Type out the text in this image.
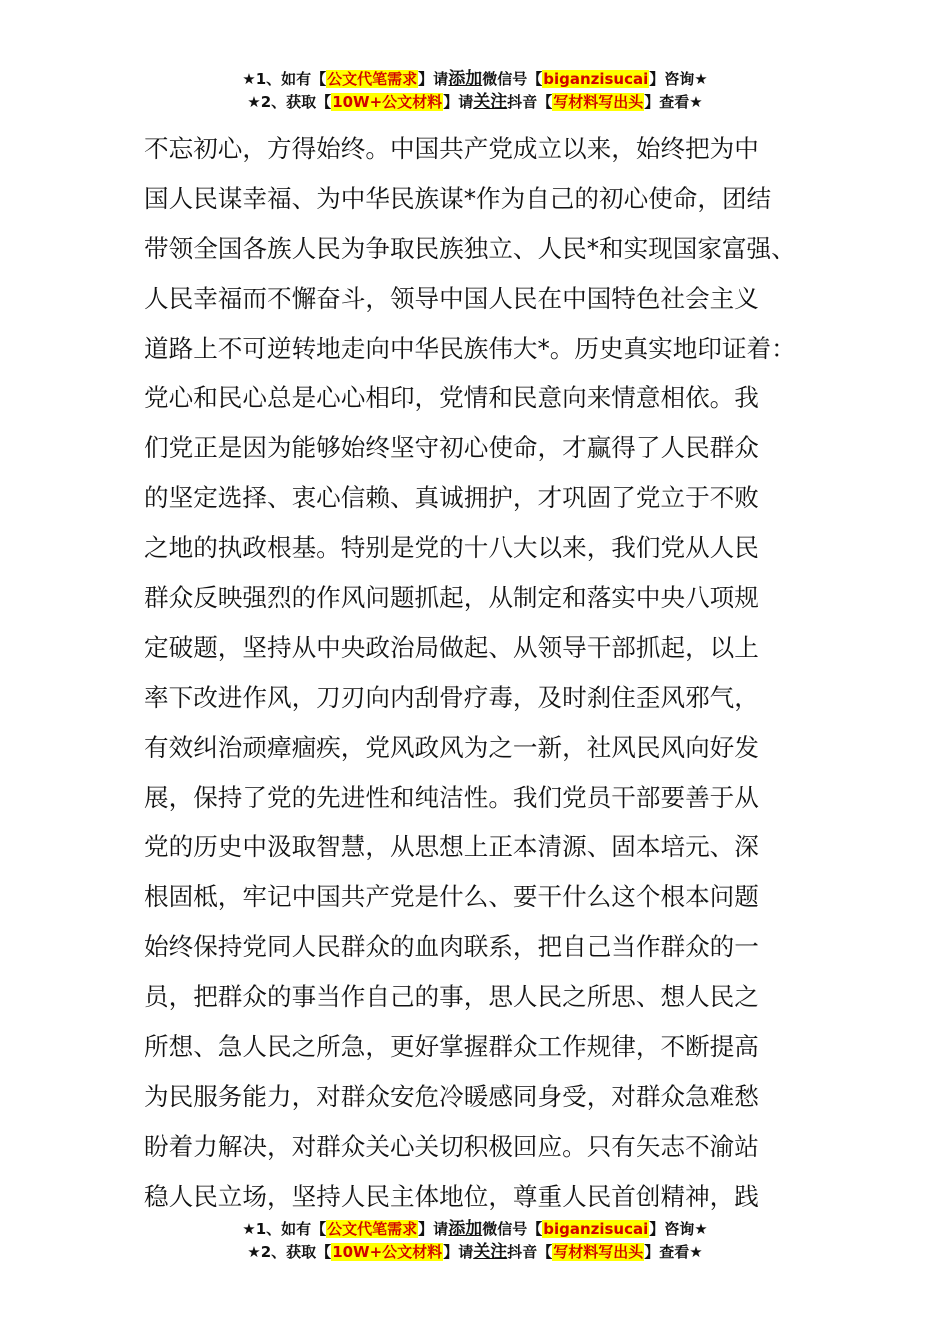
★1、如有【公文代笔需求】请添加微信号【biganzisucai】咨询★
★2、获取【10W+公文材料】请关注抖音【写材料写出头】查看★
不忘初心，方得始终。中国共产党成立以来，始终把为中
国人民谋幸福、为中华民族谋*作为自己的初心使命，团结
带领全国各族人民为争取民族独立、人民*和实现国家富强、
人民幸福而不懈奋斗，领导中国人民在中国特色社会主义
道路上不可逆转地走向中华民族伟大*。历史真实地印证着：
党心和民心总是心心相印，党情和民意向来情意相依。我
们党正是因为能够始终坚守初心使命，才赢得了人民群众
的坚定选择、衷心信赖、真诚拥护，才巩固了党立于不败
之地的执政根基。特别是党的十八大以来，我们党从人民
群众反映强烈的作风问题抓起，从制定和落实中央八项规
定破题，坚持从中央政治局做起、从领导干部抓起，以上
率下改进作风，刀刃向内刮骨疗毒，及时刹住歪风邪气，
有效纠治顽瘴痼疾，党风政风为之一新，社风民风向好发
展，保持了党的先进性和纯洁性。我们党员干部要善于从
党的历史中汲取智慧，从思想上正本清源、固本培元、深
根固柢，牢记中国共产党是什么、要干什么这个根本问题
始终保持党同人民群众的血肉联系，把自己当作群众的一
员，把群众的事当作自己的事，思人民之所思、想人民之
所想、急人民之所急，更好掌握群众工作规律，不断提高
为民服务能力，对群众安危冷暖感同身受，对群众急难愁
盼着力解决，对群众关心关切积极回应。只有矢志不渝站
稳人民立场，坚持人民主体地位，尊重人民首创精神，践
★1、如有【公文代笔需求】请添加微信号【biganzisucai】咨询★
★2、获取【10W+公文材料】请关注抖音【写材料写出头】查看★
